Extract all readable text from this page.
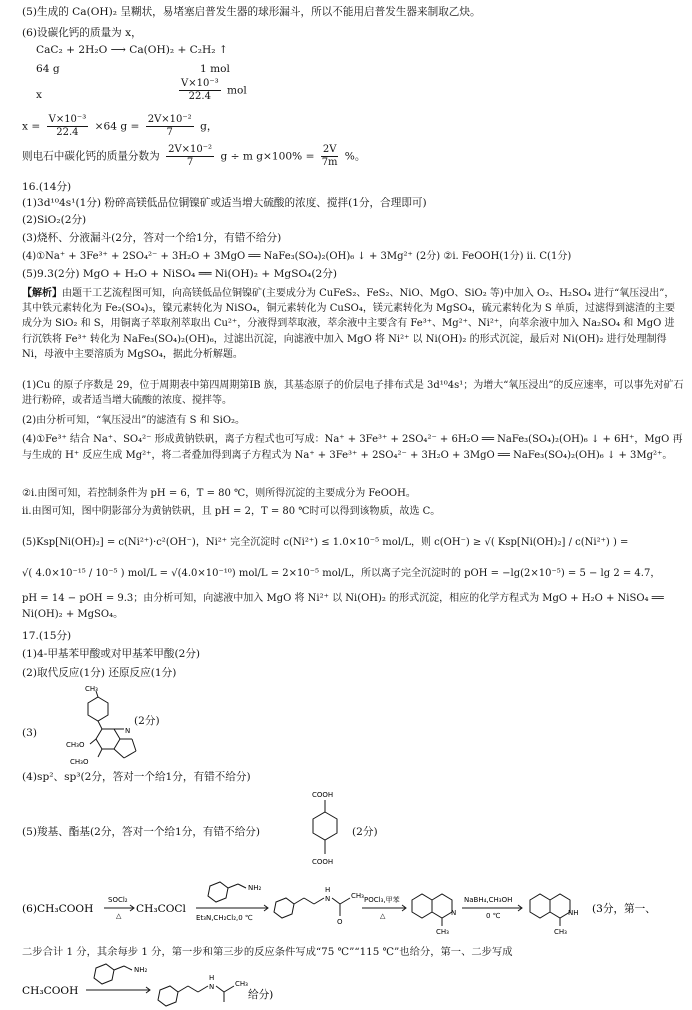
(5)生成的 Ca(OH)₂ 呈糊状，易堵塞启普发生器的球形漏斗，所以不能用启普发生器来制取乙炔。
(6)设碳化钙的质量为 x，
CaC₂ + 2H₂O ⟶ Ca(OH)₂ + C₂H₂ ↑
64 g	1 mol
x	$\frac{\text{V×10⁻³}}{22.4}$ mol
$x = \frac{\text{V×10⁻³}}{22.4} \times 64$ $g = \frac{\text{2V×10⁻²}}{7}$ g，
则电石中碳化钙的质量分数为 $\frac{\text{2V×10⁻²}}{7}$ g ÷ m $g\times 100\% = \frac{2V}{7m}$ %。
16.(14分)
(1)3d¹⁰4s¹(1分) 粉碎高镁低品位铜镍矿或适当增大硫酸的浓度、搅拌(1分，合理即可)
(2)SiO₂(2分)
(3)烧杯、分液漏斗(2分，答对一个给1分，有错不给分)
(4)①Na⁺ + 3Fe³⁺ + 2SO₄²⁻ + 3H₂O + 3MgO ══ NaFe₃(SO₄)₂(OH)₆ ↓ + 3Mg²⁺ (2分) ②ⅰ. FeOOH(1分) ⅱ. C(1分)
(5)9.3(2分) MgO + H₂O + NiSO₄ ══ Ni(OH)₂ + MgSO₄(2分)
【解析】由题干工艺流程图可知，向高镁低品位铜镍矿(主要成分为 CuFeS₂、FeS₂、NiO、MgO、SiO₂ 等)中加入 O₂、H₂SO₄ 进行“氧压浸出”，其中铁元素转化为 Fe₂(SO₄)₃，镍元素转化为 NiSO₄，铜元素转化为 CuSO₄，镁元素转化为 MgSO₄，硫元素转化为 S 单质，过滤得到滤渣的主要成分为 SiO₂ 和 S，用铜离子萃取剂萃取出 Cu²⁺，分液得到萃取液，萃余液中主要含有 Fe³⁺、Mg²⁺、Ni²⁺，向萃余液中加入 Na₂SO₄ 和 MgO 进行沉铁将 Fe³⁺ 转化为 NaFe₃(SO₄)₂(OH)₆，过滤出沉淀，向滤液中加入 MgO 将 Ni²⁺ 以 Ni(OH)₂ 的形式沉淀，最后对 Ni(OH)₂ 进行处理制得 Ni，母液中主要溶质为 MgSO₄，据此分析解题。
(1)Cu 的原子序数是 29，位于周期表中第四周期第ⅠB 族，其基态原子的价层电子排布式是 3d¹⁰4s¹；为增大“氧压浸出”的反应速率，可以事先对矿石进行粉碎，或者适当增大硫酸的浓度、搅拌等。
(2)由分析可知，“氧压浸出”的滤渣有 S 和 SiO₂。
(4)①Fe³⁺ 结合 Na⁺、SO₄²⁻ 形成黄钠铁矾，离子方程式也可写成：Na⁺ + 3Fe³⁺ + 2SO₄²⁻ + 6H₂O ══ NaFe₃(SO₄)₂(OH)₆ ↓ + 6H⁺，MgO 再与生成的 H⁺ 反应生成 Mg²⁺，将二者叠加得到离子方程式为 Na⁺ + 3Fe³⁺ + 2SO₄²⁻ + 3H₂O + 3MgO ══ NaFe₃(SO₄)₂(OH)₆ ↓ + 3Mg²⁺。
②ⅰ.由图可知，若控制条件为 pH = 6，T = 80 ℃，则所得沉淀的主要成分为 FeOOH。
ⅱ.由图可知，图中阴影部分为黄钠铁矾，且 pH = 2，T = 80 ℃时可以得到该物质，故选 C。
(5)Ksp[Ni(OH)₂] = c(Ni²⁺)·c²(OH⁻)，Ni²⁺ 完全沉淀时 c(Ni²⁺) ≤ 1.0×10⁻⁵ mol/L，则 c(OH⁻) ≥ √( Ksp[Ni(OH)₂] / c(Ni²⁺) ) =
√( 4.0×10⁻¹⁵ / 10⁻⁵ ) mol/L = √(4.0×10⁻¹⁰) mol/L = 2×10⁻⁵ mol/L，所以离子完全沉淀时的 pOH = −lg(2×10⁻⁵) = 5 − lg 2 = 4.7，
pH = 14 − pOH = 9.3；由分析可知，向滤液中加入 MgO 将 Ni²⁺ 以 Ni(OH)₂ 的形式沉淀，相应的化学方程式为 MgO + H₂O + NiSO₄ ══ Ni(OH)₂ + MgSO₄。
17.(15分)
(1)4-甲基苯甲酸或对甲基苯甲酸(2分)
(2)取代反应(1分) 还原反应(1分)
(3)
CH₃
N
CH₃O
CH₃O
(2分)
(4)sp²、sp³(2分，答对一个给1分，有错不给分)
(5)羧基、酯基(2分，答对一个给1分，有错不给分)
COOH
COOH
(2分)
(6)CH₃COOH
SOCl₂
△
CH₃COCl
NH₂
Et₃N,CH₂Cl₂,0 ℃
H
N
O
CH₃ POCl₃,甲苯
△	N
CH₃
NaBH₄,CH₃OH
0 ℃	NH
CH₃
(3分，第一、
二步合计 1 分，其余每步 1 分，第一步和第三步的反应条件写成“75 ℃”“115 ℃”也给分，第一、二步写成
CH₃COOH
NH₂
H
N	CH₃
给分)
